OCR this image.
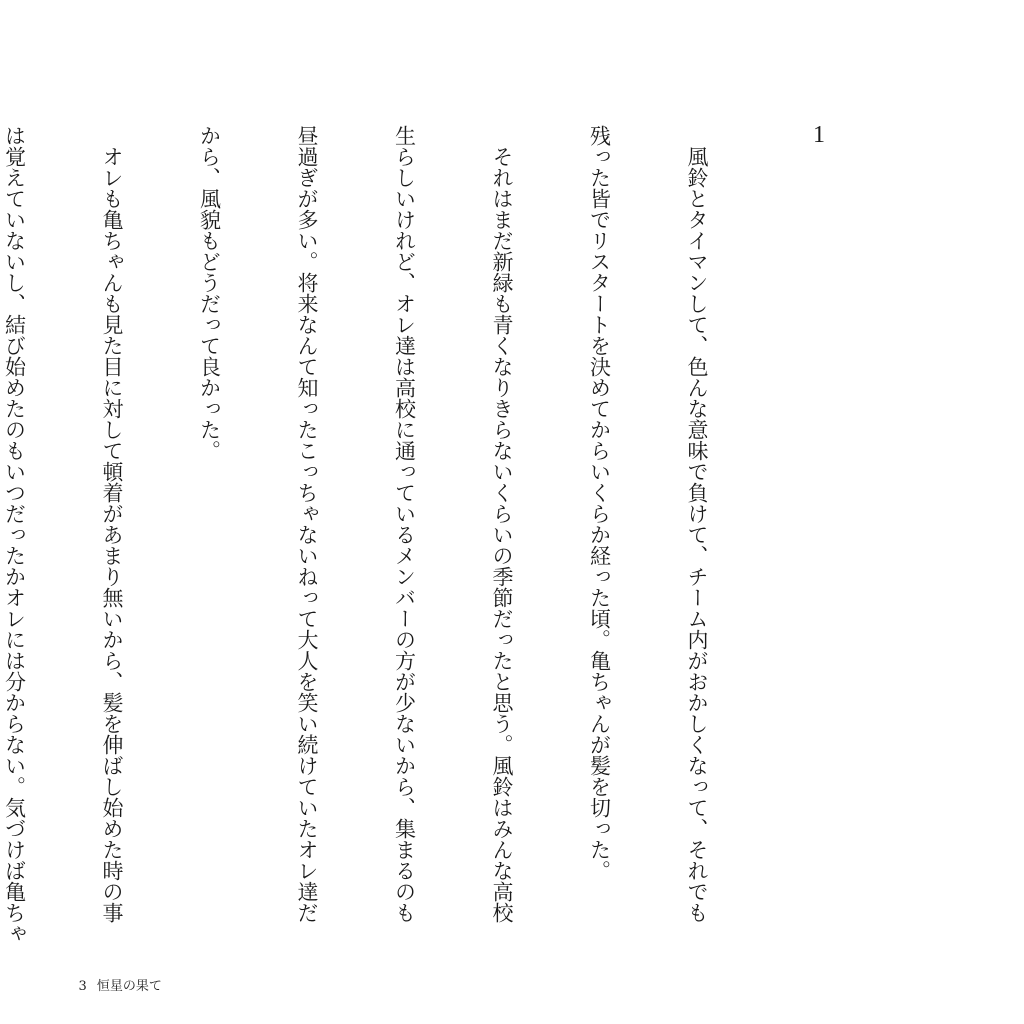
1

　風鈴とタイマンして、色んな意味で負けて、チーム内がおかしくなって、それでも

残った皆でリスタートを決めてからいくらか経った頃。亀ちゃんが髪を切った。

　それはまだ新緑も青くなりきらないくらいの季節だったと思う。風鈴はみんな高校

生らしいけれど、オレ達は高校に通っているメンバーの方が少ないから、集まるのも

昼過ぎが多い。将来なんて知ったこっちゃないねって大人を笑い続けていたオレ達だ

から、風貌もどうだって良かった。

　オレも亀ちゃんも見た目に対して頓着があまり無いから、髪を伸ばし始めた時の事

は覚えていないし、結び始めたのもいつだったかオレには分からない。気づけば亀ちゃ

3 恒星の果て
